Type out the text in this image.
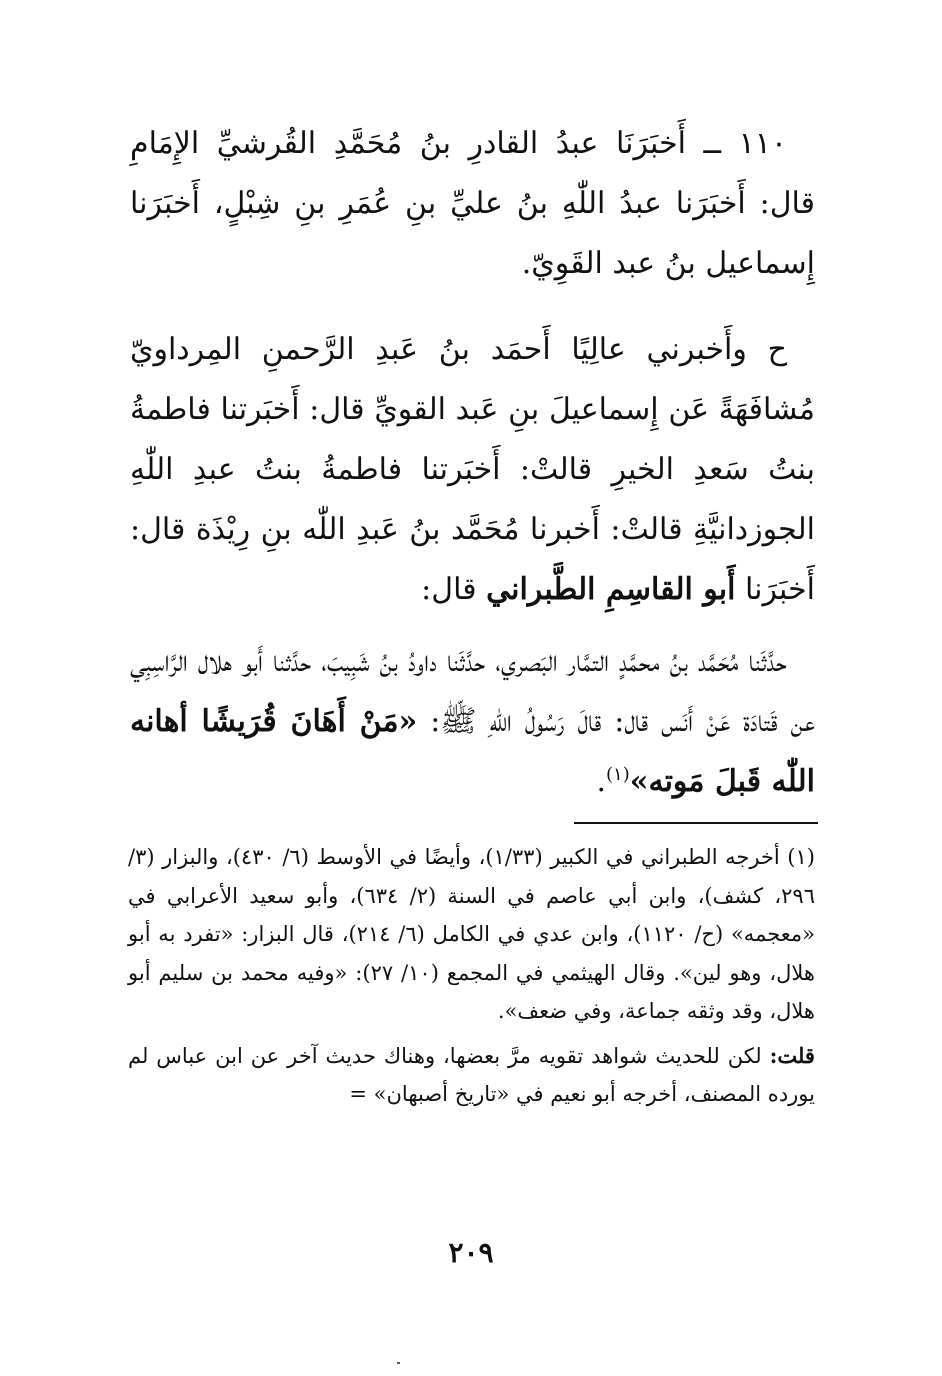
١١٠ ــ أَخبَرَنَا عبدُ القادرِ بنُ مُحَمَّدِ القُرشيِّ الإِمَامِ قال: أَخبَرَنا عبدُ اللّٰهِ بنُ عليِّ بنِ عُمَرِ بنِ شِبْلٍ، أَخبَرَنا إِسماعيل بنُ عبد القَوِيّ.

ح وأَخبرني عالِيًا أَحمَد بنُ عَبدِ الرَّحمنِ المِرداويّ مُشافَهَةً عَن إِسماعيلَ بنِ عَبد القويِّ قال: أَخبَرتنا فاطمةُ بنتُ سَعدِ الخيرِ قالتْ: أَخبَرتنا فاطمةُ بنتُ عبدِ اللّٰهِ الجوزدانيَّةِ قالتْ: أَخبرنا مُحَمَّد بنُ عَبدِ اللّٰه بنِ رِيْذَة قال: أَخبَرَنا أَبو القاسِمِ الطَّبراني قال:

حدَّثَنا مُحَمَّد بنُ محمَّدٍ التمَّار البَصري، حدَّثَنا داودُ بنُ شَبِيبَ، حدَّثنا أَبو هلال الرَّاسِبِي عن قَتادَة عَنْ أَنَس قال: قالَ رَسُولُ اللّٰهِ ﷺ: «مَنْ أَهَانَ قُرَيشًا أهانه اللّٰه قَبلَ مَوته»$^{(١)}$.

(١) أخرجه الطبراني في الكبير (١/٣٣)، وأيضًا في الأوسط (٦/ ٤٣٠)، والبزار (٣/ ٢٩٦، كشف)، وابن أبي عاصم في السنة (٢/ ٦٣٤)، وأبو سعيد الأعرابي في «معجمه» (ح/ ١١٢٠)، وابن عدي في الكامل (٦/ ٢١٤)، قال البزار: «تفرد به أبو هلال، وهو لين». وقال الهيثمي في المجمع (١٠/ ٢٧): «وفيه محمد بن سليم أبو هلال، وقد وثقه جماعة، وفي ضعف».

قلت: لكن للحديث شواهد تقويه مرَّ بعضها، وهناك حديث آخر عن ابن عباس لم يورده المصنف، أخرجه أبو نعيم في «تاريخ أصبهان» =

٢٠٩
